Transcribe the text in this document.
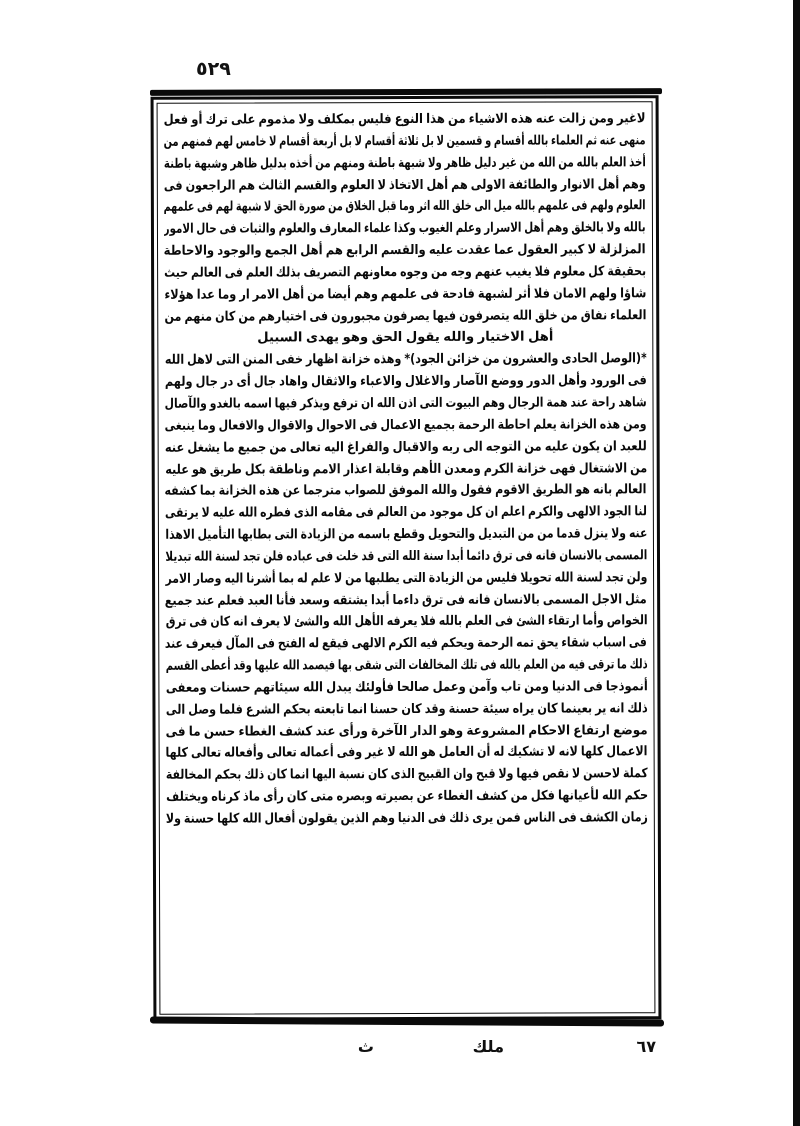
٥٢٩
لاغير ومن زالت عنه هذه الاشياء من هذا النوع فليس بمكلف ولا مذموم على ترك أو فعل
منهى عنه ثم العلماء بالله أقسام و قسمين لا بل ثلاثة أقسام لا بل أربعة أقسام لا خامس لهم فمنهم من
أخذ العلم بالله من الله من غير دليل ظاهر ولا شبهة باطنة ومنهم من أخذه بدليل ظاهر وشبهة باطنة
وهم أهل الانوار والطائفة الاولى هم أهل الاتخاذ لا العلوم والقسم الثالث هم الراجعون فى
العلوم ولهم فى علمهم بالله ميل الى خلق الله اثر وما قبل الخلاق من صورة الحق لا شبهة لهم فى علمهم
بالله ولا بالخلق وهم أهل الاسرار وعلم الغيوب وكذا علماء المعارف والعلوم والثبات فى حال الامور
المزلزلة لا كبير العقول عما عقدت عليه والقسم الرابع هم أهل الجمع والوجود والاحاطة
بحقيقة كل معلوم فلا يغيب عنهم وجه من وجوه معاونهم التصريف بذلك العلم فى العالم حيث
شاؤا ولهم الامان فلا أثر لشبهة فادحة فى علمهم وهم أيضا من أهل الامر ار وما عدا هؤلاء
العلماء نفاق من خلق الله يتصرفون فيها يصرفون مجبورون فى اختيارهم من كان منهم من
أهل الاختيار والله يقول الحق وهو يهدى السبيل
*(الوصل الحادى والعشرون من خزائن الجود)* وهذه خزانة اظهار خفى المنن التى لاهل الله
فى الورود وأهل الدور ووضع الآصار والاغلال والاعباء والاثقال واهاد جال أى در جال ولهم
شاهد راحة عند همة الرجال وهم البيوت التى اذن الله ان ترفع ويذكر فيها اسمه بالغدو والآصال
ومن هذه الخزانة يعلم احاطة الرحمة بجميع الاعمال فى الاحوال والاقوال والافعال وما ينبغى
للعبد ان يكون عليه من التوجه الى ربه والاقبال والفراغ اليه تعالى من جميع ما يشغل عنه
من الاشتغال فهى خزانة الكرم ومعدن الأهم وقابلة اعذار الامم وناطقة بكل طريق هو عليه
العالم بانه هو الطريق الاقوم فقول والله الموفق للصواب مترجما عن هذه الخزانة بما كشفه
لنا الجود الالهى والكرم اعلم ان كل موجود من العالم فى مقامه الذى فطره الله عليه لا يرتقى
عنه ولا ينزل قدما من من التبديل والتحويل وقطع باسمه من الزيادة التى بطابها التأميل الاهذا
المسمى بالانسان فانه فى ترق دائما أبدا سنة الله التى قد خلت فى عباده فلن تجد لسنة الله تبديلا
ولن تجد لسنة الله تحويلا فليس من الزيادة التى يطلبها من لا علم له بما أشرنا اليه وصار الامر
مثل الاجل المسمى بالانسان فانه فى ترق داءما أبدا يشتقه وسعد فأنا العبد فعلم عند جميع
الخواص وأما ارتقاء الشئ فى العلم بالله فلا يعرفه الأهل الله والشئ لا يعرف انه كان فى ترق
فى اسباب شقاء يحق تمه الرحمة ويحكم فيه الكرم الالهى فيقع له الفتح فى المآل فيعرف عند
ذلك ما ترقى فيه من العلم بالله فى تلك المخالفات التى شقى بها فيصمد الله عليها وقد أعطى القسم
أنموذجا فى الدنيا ومن تاب وآمن وعمل صالحا فأولئك يبدل الله سيئاتهم حسنات ومعفى
ذلك انه ير بعينما كان يراه سيئة حسنة وقد كان حسنا انما تابعته بحكم الشرع فلما وصل الى
موضع ارتفاع الاحكام المشروعة وهو الدار الآخرة ورأى عند كشف الغطاء حسن ما فى
الاعمال كلها لانه لا تشكيك له أن العامل هو الله لا غير وفى أعماله تعالى وأفعاله تعالى كلها
كملة لاحسن لا نقص فيها ولا قبح وان القبيح الذى كان نسبة اليها انما كان ذلك بحكم المخالفة
حكم الله لأعيانها فكل من كشف الغطاء عن بصيرته وبصره متى كان رأى ماذ كرناه ويختلف
زمان الكشف فى الناس فمن يرى ذلك فى الدنيا وهم الذين يقولون أفعال الله كلها حسنة ولا
٦٧
ملك
ث
